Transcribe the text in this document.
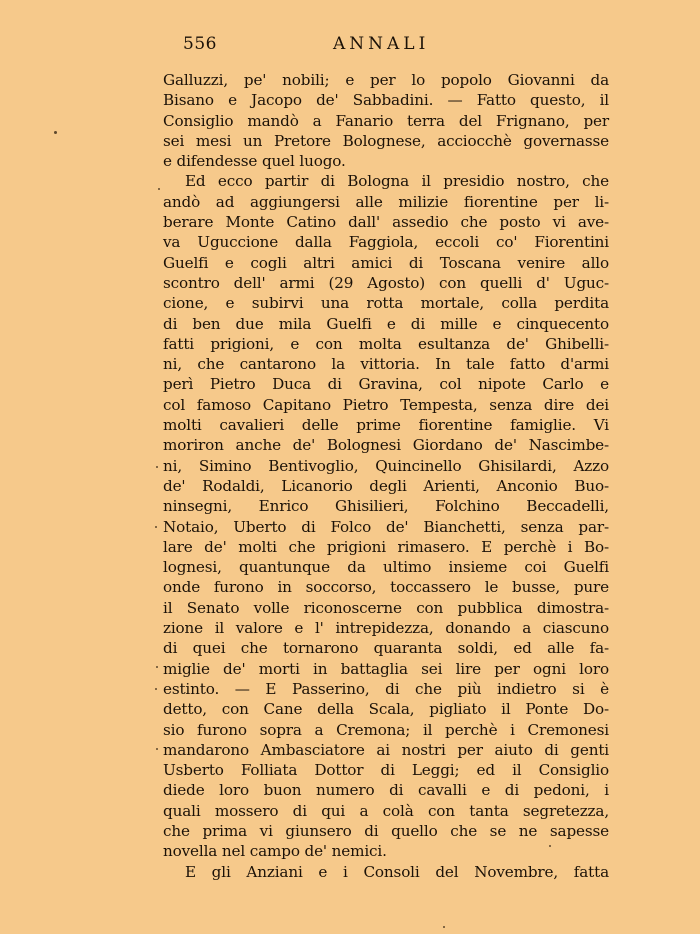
556	ANNALI
Galluzzi, pe' nobili; e per lo popolo Giovanni da
Bisano e Jacopo de' Sabbadini. — Fatto questo, il
Consiglio mandò a Fanario terra del Frignano, per
sei mesi un Pretore Bolognese, acciocchè governasse
e difendesse quel luogo.
Ed ecco partir di Bologna il presidio nostro, che
andò ad aggiungersi alle milizie fiorentine per li-
berare Monte Catino dall' assedio che posto vi ave-
va Uguccione dalla Faggiola, eccoli co' Fiorentini
Guelfi e cogli altri amici di Toscana venire allo
scontro dell' armi (29 Agosto) con quelli d' Uguc-
cione, e subirvi una rotta mortale, colla perdita
di ben due mila Guelfi e di mille e cinquecento
fatti prigioni, e con molta esultanza de' Ghibelli-
ni, che cantarono la vittoria. In tale fatto d'armi
perì Pietro Duca di Gravina, col nipote Carlo e
col famoso Capitano Pietro Tempesta, senza dire dei
molti cavalieri delle prime fiorentine famiglie. Vi
moriron anche de' Bolognesi Giordano de' Nascimbe-
ni, Simino Bentivoglio, Quincinello Ghisilardi, Azzo
de' Rodaldi, Licanorio degli Arienti, Anconio Buo-
ninsegni, Enrico Ghisilieri, Folchino Beccadelli,
Notaio, Uberto di Folco de' Bianchetti, senza par-
lare de' molti che prigioni rimasero. E perchè i Bo-
lognesi, quantunque da ultimo insieme coi Guelfi
onde furono in soccorso, toccassero le busse, pure
il Senato volle riconoscerne con pubblica dimostra-
zione il valore e l' intrepidezza, donando a ciascuno
di quei che tornarono quaranta soldi, ed alle fa-
miglie de' morti in battaglia sei lire per ogni loro
estinto. — E Passerino, di che più indietro si è
detto, con Cane della Scala, pigliato il Ponte Do-
sio furono sopra a Cremona; il perchè i Cremonesi
mandarono Ambasciatore ai nostri per aiuto di genti
Usberto Folliata Dottor di Leggi; ed il Consiglio
diede loro buon numero di cavalli e di pedoni, i
quali mossero di qui a colà con tanta segretezza,
che prima vi giunsero di quello che se ne sapesse
novella nel campo de' nemici.
E gli Anziani e i Consoli del Novembre, fatta
